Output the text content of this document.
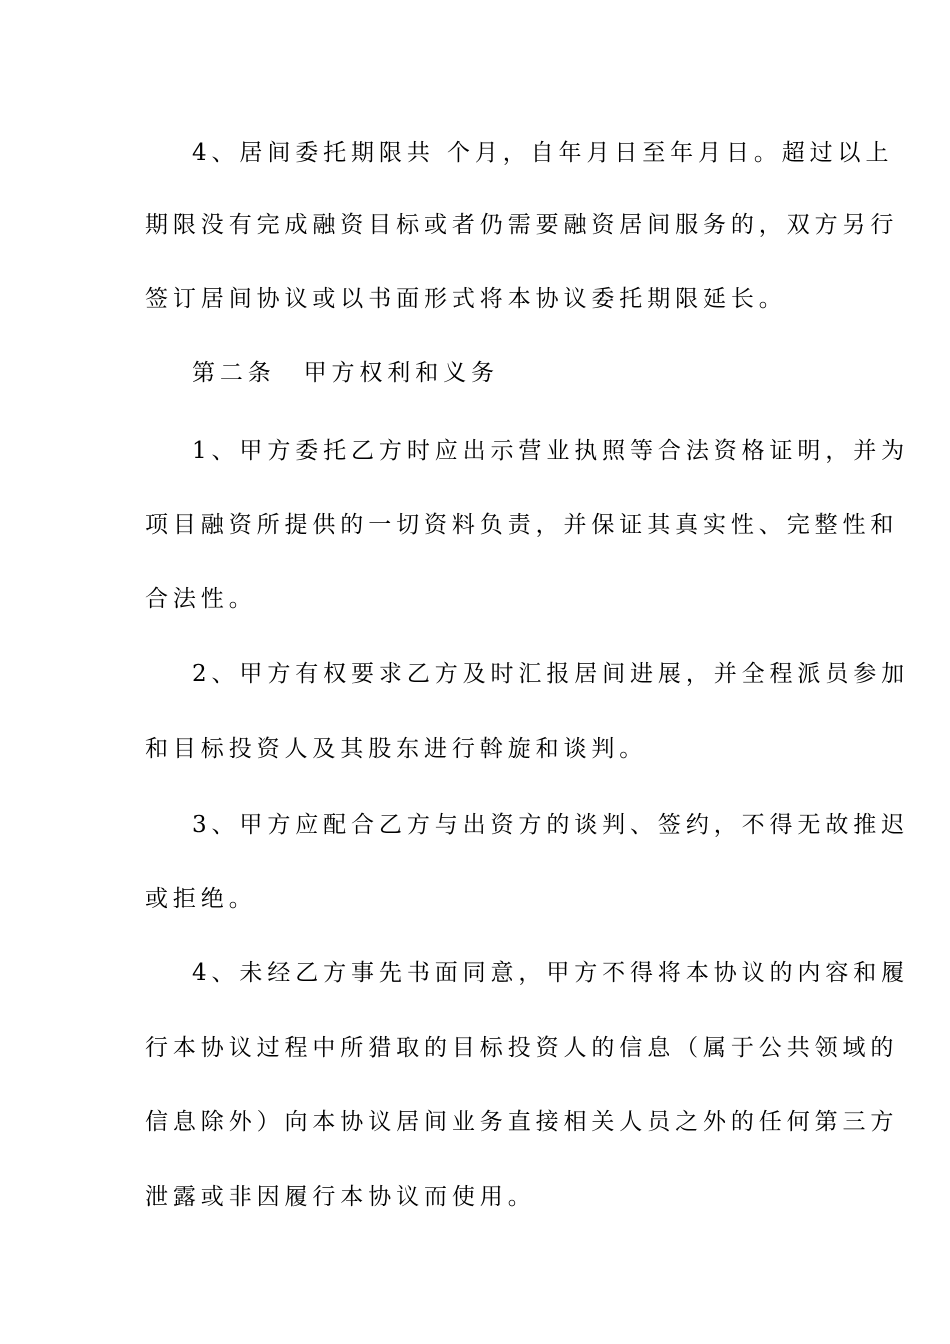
4、居间委托期限共 个月，自年月日至年月日。超过以上
期限没有完成融资目标或者仍需要融资居间服务的，双方另行
签订居间协议或以书面形式将本协议委托期限延长。
第二条　甲方权利和义务
1、甲方委托乙方时应出示营业执照等合法资格证明，并为
项目融资所提供的一切资料负责，并保证其真实性、完整性和
合法性。
2、甲方有权要求乙方及时汇报居间进展，并全程派员参加
和目标投资人及其股东进行斡旋和谈判。
3、甲方应配合乙方与出资方的谈判、签约，不得无故推迟
或拒绝。
4、未经乙方事先书面同意，甲方不得将本协议的内容和履
行本协议过程中所猎取的目标投资人的信息（属于公共领域的
信息除外）向本协议居间业务直接相关人员之外的任何第三方
泄露或非因履行本协议而使用。
